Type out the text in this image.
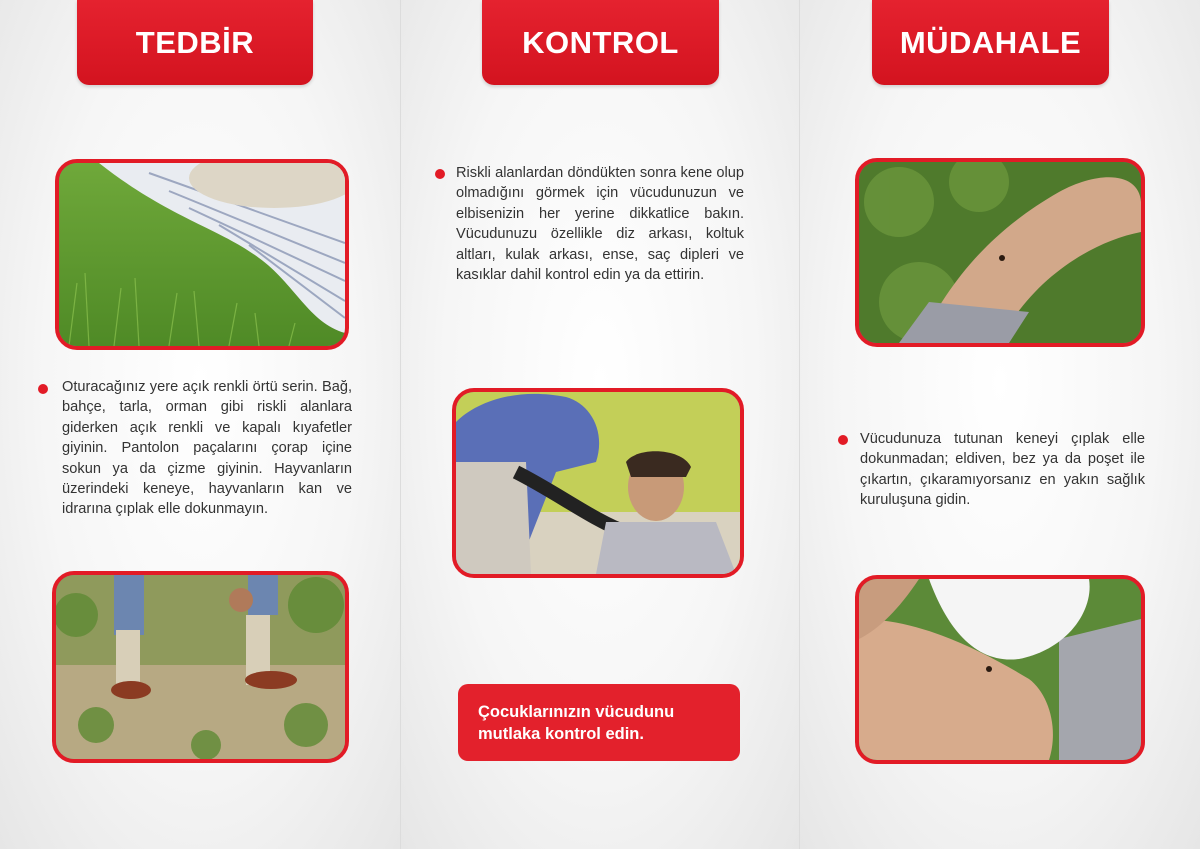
TEDBİR	KONTROL	MÜDAHALE
Oturacağınız yere açık renkli örtü serin. Bağ, bahçe, tarla, orman gibi riskli alanlara giderken açık renkli ve kapalı kıyafetler giyinin. Pantolon paçalarını çorap içine sokun ya da çizme giyinin. Hayvanların üzerindeki keneye, hayvanların kan ve idrarına çıplak elle dokunmayın.
Riskli alanlardan döndükten sonra kene olup olmadığını görmek için vücudunuzun ve elbisenizin her yerine dikkatlice bakın. Vücudunuzu özellikle diz arkası, koltuk altları, kulak arkası, ense, saç dipleri ve kasıklar dahil kontrol edin ya da ettirin.
Çocuklarınızın vücudunu mutlaka kontrol edin.
Vücudunuza tutunan keneyi çıplak elle dokunmadan; eldiven, bez ya da poşet ile çıkartın, çıkaramıyorsanız en yakın sağlık kuruluşuna gidin.
